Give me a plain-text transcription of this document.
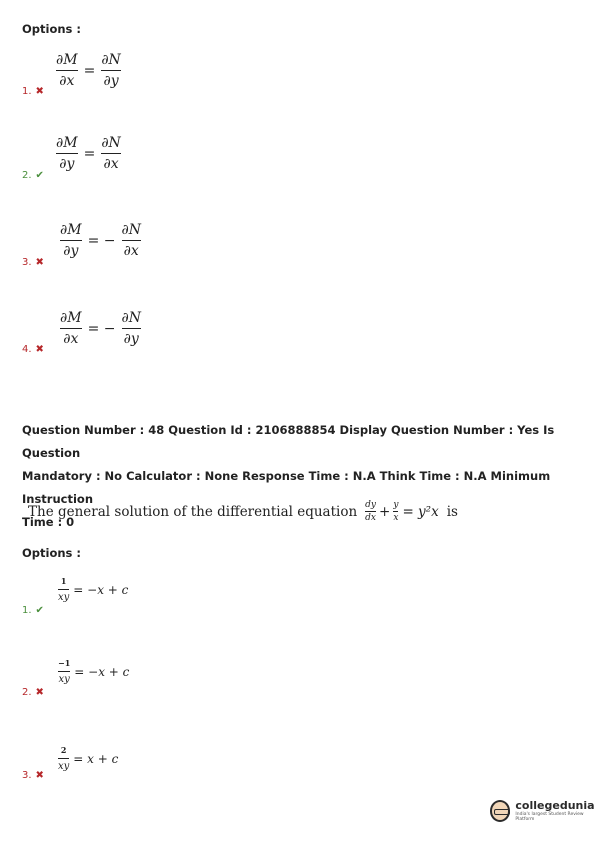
Options :
$\frac{\partial M}{\partial x} = \frac{\partial N}{\partial y}$
1. ✖
$\frac{\partial M}{\partial y} = \frac{\partial N}{\partial x}$
2. ✔
$\frac{\partial M}{\partial y}$ = − $\frac{\partial N}{\partial x}$
3. ✖
$\frac{\partial M}{\partial x}$ = − $\frac{\partial N}{\partial y}$
4. ✖
Question Number : 48 Question Id : 2106888854 Display Question Number : Yes Is Question
Mandatory : No Calculator : None Response Time : N.A Think Time : N.A Minimum Instruction
Time : 0
The general solution of the differential equation dy
dx + y
x = y²x is
Options :
$\frac{1}{xy} = -x + c$
1. ✔
$\frac{-1}{xy} = -x + c$
2. ✖
$\frac{2}{xy} = x + c$
3. ✖
collegedunia
India's largest Student Review Platform
